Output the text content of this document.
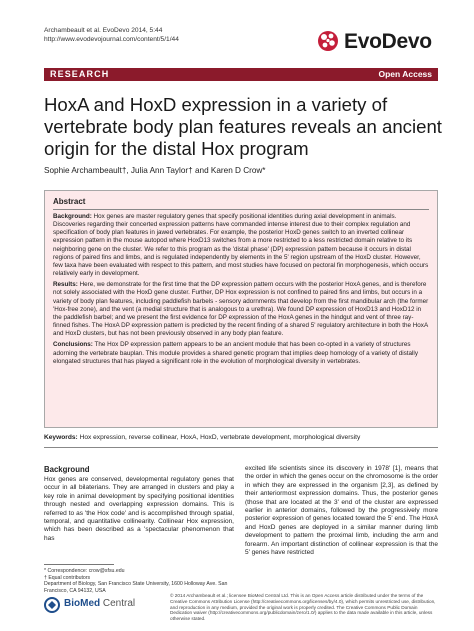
Archambeault et al. EvoDevo 2014, 5:44
http://www.evodevojournal.com/content/5/1/44	EvoDevo
RESEARCH	Open Access
HoxA and HoxD expression in a variety of vertebrate body plan features reveals an ancient origin for the distal Hox program
Sophie Archambeault†, Julia Ann Taylor† and Karen D Crow*
Abstract

Background: Hox genes are master regulatory genes that specify positional identities during axial development in animals. Discoveries regarding their concerted expression patterns have commanded intense interest due to their complex regulation and specification of body plan features in jawed vertebrates. For example, the posterior HoxD genes switch to an inverted collinear expression pattern in the mouse autopod where HoxD13 switches from a more restricted to a less restricted domain relative to its neighboring gene on the cluster. We refer to this program as the 'distal phase' (DP) expression pattern because it occurs in distal regions of paired fins and limbs, and is regulated independently by elements in the 5' region upstream of the HoxD cluster. However, few taxa have been evaluated with respect to this pattern, and most studies have focused on pectoral fin morphogenesis, which occurs relatively early in development.

Results: Here, we demonstrate for the first time that the DP expression pattern occurs with the posterior HoxA genes, and is therefore not solely associated with the HoxD gene cluster. Further, DP Hox expression is not confined to paired fins and limbs, but occurs in a variety of body plan features, including paddlefish barbels - sensory adornments that develop from the first mandibular arch (the former 'Hox-free zone), and the vent (a medial structure that is analogous to a urethra). We found DP expression of HoxD13 and HoxD12 in the paddlefish barbel; and we present the first evidence for DP expression of the HoxA genes in the hindgut and vent of three ray-finned fishes. The HoxA DP expression pattern is predicted by the recent finding of a shared 5' regulatory architecture in both the HoxA and HoxD clusters, but has not been previously observed in any body plan feature.

Conclusions: The Hox DP expression pattern appears to be an ancient module that has been co-opted in a variety of structures adorning the vertebrate bauplan. This module provides a shared genetic program that implies deep homology of a variety of distally elongated structures that has played a significant role in the evolution of morphological diversity in vertebrates.

Keywords: Hox expression, reverse collinear, HoxA, HoxD, vertebrate development, morphological diversity
Background
Hox genes are conserved, developmental regulatory genes that occur in all bilaterians. They are arranged in clusters and play a key role in animal development by specifying positional identities through nested and overlapping expression domains. This is referred to as 'the Hox code' and is accomplished through spatial, temporal, and quantitative collinearity. Collinear Hox expression, which has been described as a 'spectacular phenomenon that has
excited life scientists since its discovery in 1978' [1], means that the order in which the genes occur on the chromosome is the order in which they are expressed in the organism [2,3], as defined by their anteriormost expression domains. Thus, the posterior genes (those that are located at the 3' end of the cluster are expressed earlier in anterior domains, followed by the progressively more posterior expression of genes located toward the 5' end. The HoxA and HoxD genes are deployed in a similar manner during limb development to pattern the proximal limb, including the arm and forearm. An important distinction of collinear expression is that the 5' genes have restricted
* Correspondence: crow@sfsu.edu
† Equal contributors
Department of Biology, San Francisco State University, 1600 Holloway Ave. San Francisco, CA 94132, USA
BioMed Central
© 2014 Archambeault et al.; licensee BioMed Central Ltd. This is an Open Access article distributed under the terms of the Creative Commons Attribution License (http://creativecommons.org/licenses/by/4.0), which permits unrestricted use, distribution, and reproduction in any medium, provided the original work is properly credited. The Creative Commons Public Domain Dedication waiver (http://creativecommons.org/publicdomain/zero/1.0/) applies to the data made available in this article, unless otherwise stated.
